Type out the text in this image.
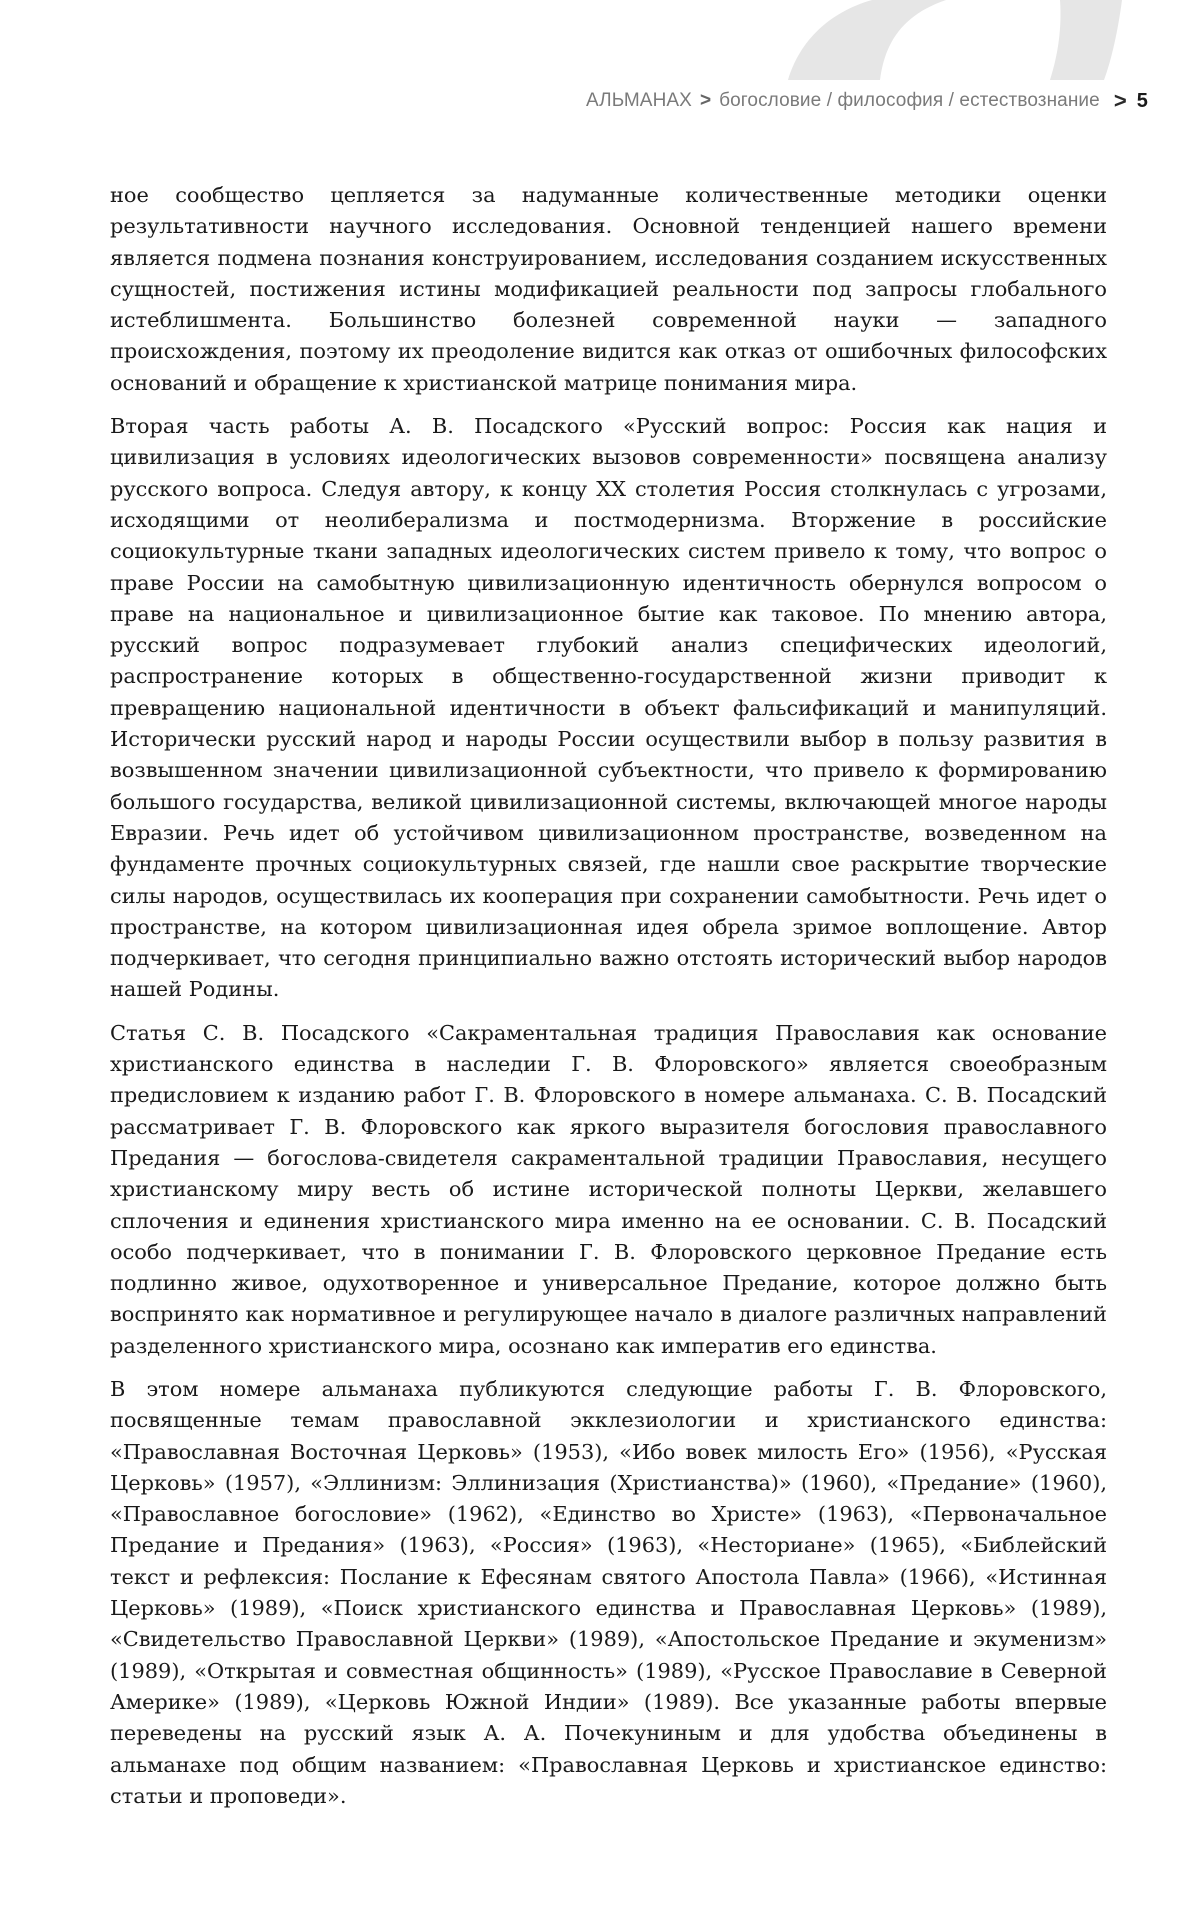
АЛЬМАНАХ > богословие / философия / естествознание > 5

ное сообщество цепляется за надуманные количественные методики оценки результативности научного исследования. Основной тенденцией нашего времени является подмена познания конструированием, исследования созданием искусственных сущностей, постижения истины модификацией реальности под запросы глобального истеблишмента. Большинство болезней современной науки — западного происхождения, поэтому их преодоление видится как отказ от ошибочных философских оснований и обращение к христианской матрице понимания мира.

Вторая часть работы А. В. Посадского «Русский вопрос: Россия как нация и цивилизация в условиях идеологических вызовов современности» посвящена анализу русского вопроса. Следуя автору, к концу XX столетия Россия столкнулась с угрозами, исходящими от неолиберализма и постмодернизма. Вторжение в российские социокультурные ткани западных идеологических систем привело к тому, что вопрос о праве России на самобытную цивилизационную идентичность обернулся вопросом о праве на национальное и цивилизационное бытие как таковое. По мнению автора, русский вопрос подразумевает глубокий анализ специфических идеологий, распространение которых в общественно-государственной жизни приводит к превращению национальной идентичности в объект фальсификаций и манипуляций. Исторически русский народ и народы России осуществили выбор в пользу развития в возвышенном значении цивилизационной субъектности, что привело к формированию большого государства, великой цивилизационной системы, включающей многое народы Евразии. Речь идет об устойчивом цивилизационном пространстве, возведенном на фундаменте прочных социокультурных связей, где нашли свое раскрытие творческие силы народов, осуществилась их кооперация при сохранении самобытности. Речь идет о пространстве, на котором цивилизационная идея обрела зримое воплощение. Автор подчеркивает, что сегодня принципиально важно отстоять исторический выбор народов нашей Родины.

Статья С. В. Посадского «Сакраментальная традиция Православия как основание христианского единства в наследии Г. В. Флоровского» является своеобразным предисловием к изданию работ Г. В. Флоровского в номере альманаха. С. В. Посадский рассматривает Г. В. Флоровского как яркого выразителя богословия православного Предания — богослова-свидетеля сакраментальной традиции Православия, несущего христианскому миру весть об истине исторической полноты Церкви, желавшего сплочения и единения христианского мира именно на ее основании. С. В. Посадский особо подчеркивает, что в понимании Г. В. Флоровского церковное Предание есть подлинно живое, одухотворенное и универсальное Предание, которое должно быть воспринято как нормативное и регулирующее начало в диалоге различных направлений разделенного христианского мира, осознано как императив его единства.

В этом номере альманаха публикуются следующие работы Г. В. Флоровского, посвященные темам православной экклезиологии и христианского единства: «Православная Восточная Церковь» (1953), «Ибо вовек милость Его» (1956), «Русская Церковь» (1957), «Эллинизм: Эллинизация (Христианства)» (1960), «Предание» (1960), «Православное богословие» (1962), «Единство во Христе» (1963), «Первоначальное Предание и Предания» (1963), «Россия» (1963), «Несториане» (1965), «Библейский текст и рефлексия: Послание к Ефесянам святого Апостола Павла» (1966), «Истинная Церковь» (1989), «Поиск христианского единства и Православная Церковь» (1989), «Свидетельство Православной Церкви» (1989), «Апостольское Предание и экуменизм» (1989), «Открытая и совместная общинность» (1989), «Русское Православие в Северной Америке» (1989), «Церковь Южной Индии» (1989). Все указанные работы впервые переведены на русский язык А. А. Почекуниным и для удобства объединены в альманахе под общим названием: «Православная Церковь и христианское единство: статьи и проповеди».
